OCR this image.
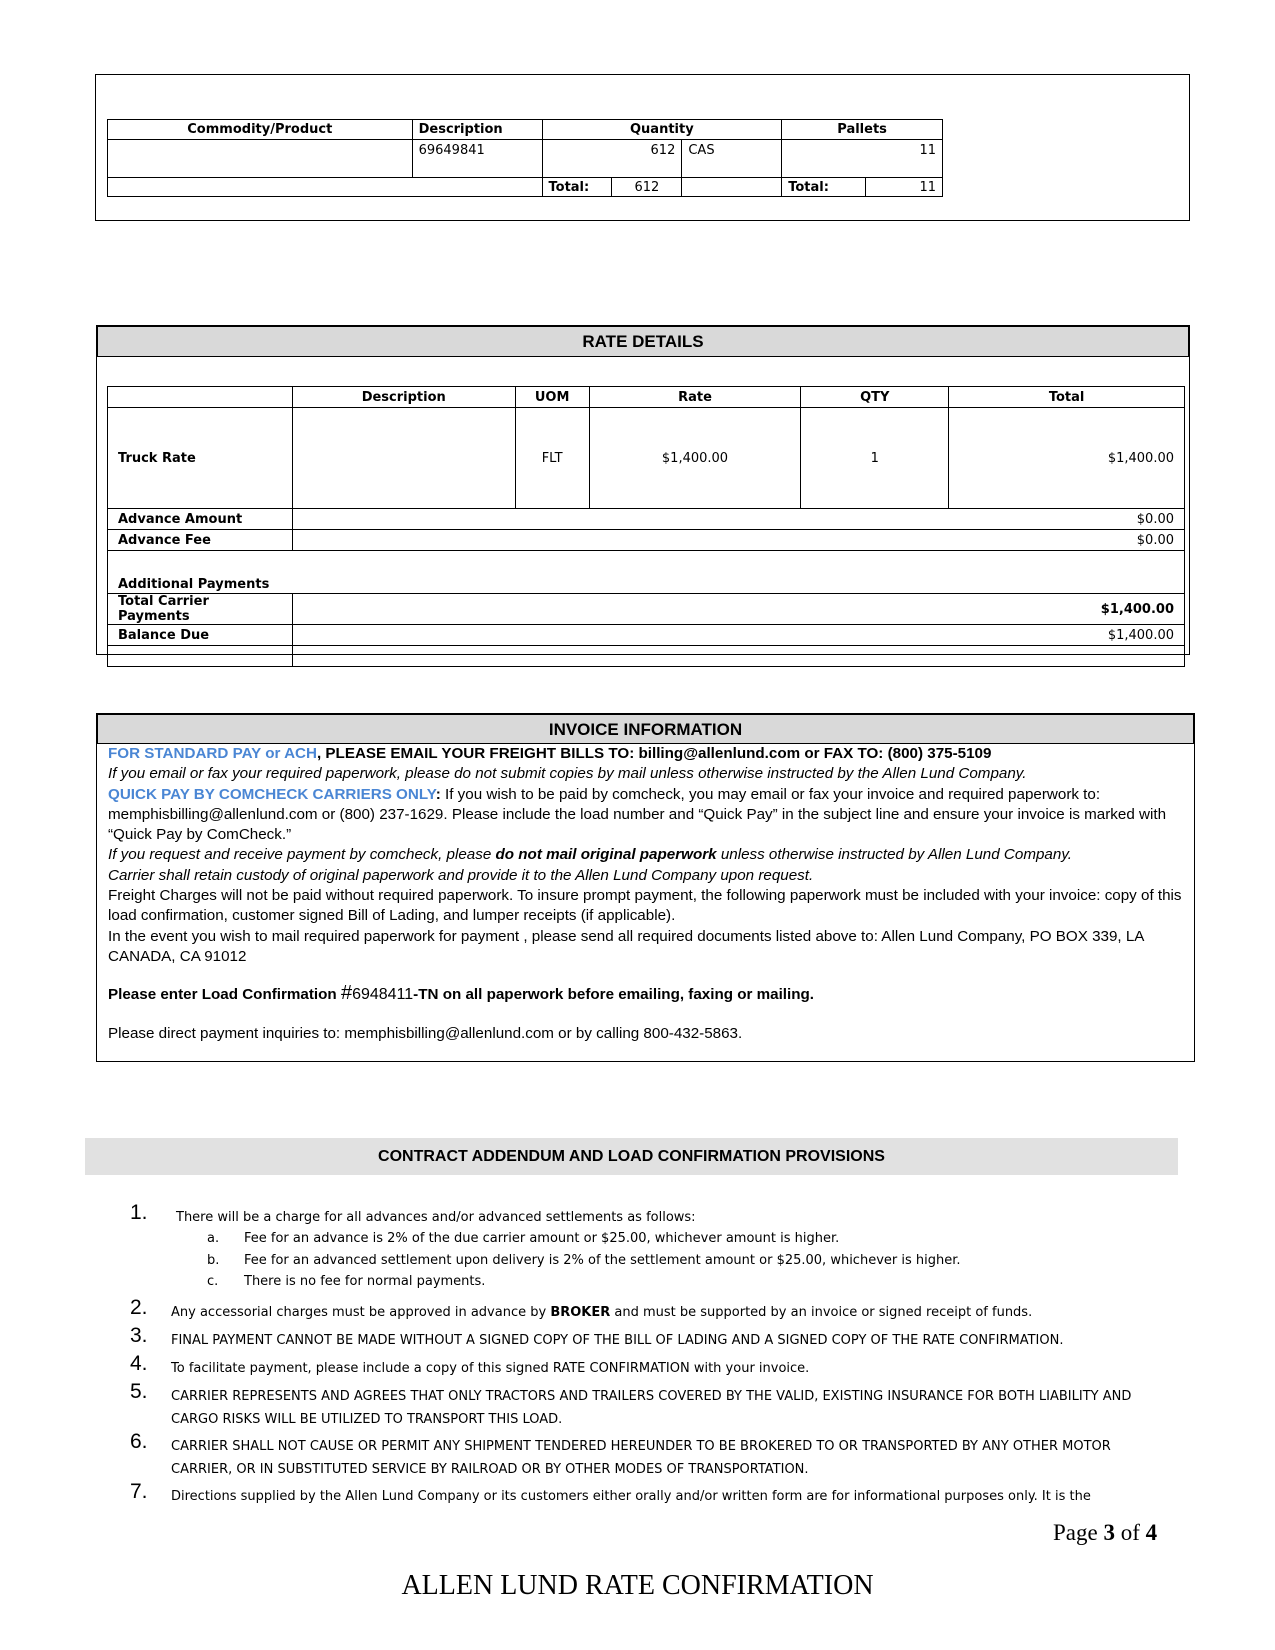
Commodity/Product	Description	Quantity			Pallets	
	69649841	612		CAS	11	
		Total:	612		Total:	11
RATE DETAILS
	Description	UOM	Rate	QTY	Total
Truck Rate		FLT	$1,400.00	1	$1,400.00
Advance Amount	$0.00				
Advance Fee	$0.00				
Additional Payments					
Total Carrier Payments	$1,400.00				
Balance Due	$1,400.00				

INVOICE INFORMATION

FOR STANDARD PAY or ACH, PLEASE EMAIL YOUR FREIGHT BILLS TO: billing@allenlund.com or FAX TO: (800) 375-5109

If you email or fax your required paperwork, please do not submit copies by mail unless otherwise instructed by the Allen Lund Company.

QUICK PAY BY COMCHECK CARRIERS ONLY: If you wish to be paid by comcheck, you may email or fax your invoice and required paperwork to: memphisbilling@allenlund.com or (800) 237-1629. Please include the load number and “Quick Pay” in the subject line and ensure your invoice is marked with “Quick Pay by ComCheck.”

If you request and receive payment by comcheck, please do not mail original paperwork unless otherwise instructed by Allen Lund Company.

Carrier shall retain custody of original paperwork and provide it to the Allen Lund Company upon request.

Freight Charges will not be paid without required paperwork. To insure prompt payment, the following paperwork must be included with your invoice: copy of this load confirmation, customer signed Bill of Lading, and lumper receipts (if applicable).

In the event you wish to mail required paperwork for payment , please send all required documents listed above to: Allen Lund Company, PO BOX 339, LA CANADA, CA 91012

Please enter Load Confirmation #6948411-TN on all paperwork before emailing, faxing or mailing.

Please direct payment inquiries to: memphisbilling@allenlund.com or by calling 800-432-5863.

CONTRACT ADDENDUM AND LOAD CONFIRMATION PROVISIONS
1. There will be a charge for all advances and/or advanced settlements as follows:
a. Fee for an advance is 2% of the due carrier amount or $25.00, whichever amount is higher.
b. Fee for an advanced settlement upon delivery is 2% of the settlement amount or $25.00, whichever is higher.
c. There is no fee for normal payments.
2. Any accessorial charges must be approved in advance by BROKER and must be supported by an invoice or signed receipt of funds.
3. FINAL PAYMENT CANNOT BE MADE WITHOUT A SIGNED COPY OF THE BILL OF LADING AND A SIGNED COPY OF THE RATE CONFIRMATION.
4. To facilitate payment, please include a copy of this signed RATE CONFIRMATION with your invoice.
5. CARRIER REPRESENTS AND AGREES THAT ONLY TRACTORS AND TRAILERS COVERED BY THE VALID, EXISTING INSURANCE FOR BOTH LIABILITY AND
CARGO RISKS WILL BE UTILIZED TO TRANSPORT THIS LOAD.
6. CARRIER SHALL NOT CAUSE OR PERMIT ANY SHIPMENT TENDERED HEREUNDER TO BE BROKERED TO OR TRANSPORTED BY ANY OTHER MOTOR
CARRIER, OR IN SUBSTITUTED SERVICE BY RAILROAD OR BY OTHER MODES OF TRANSPORTATION.
7. Directions supplied by the Allen Lund Company or its customers either orally and/or written form are for informational purposes only. It is the
Page 3 of 4
ALLEN LUND RATE CONFIRMATION
